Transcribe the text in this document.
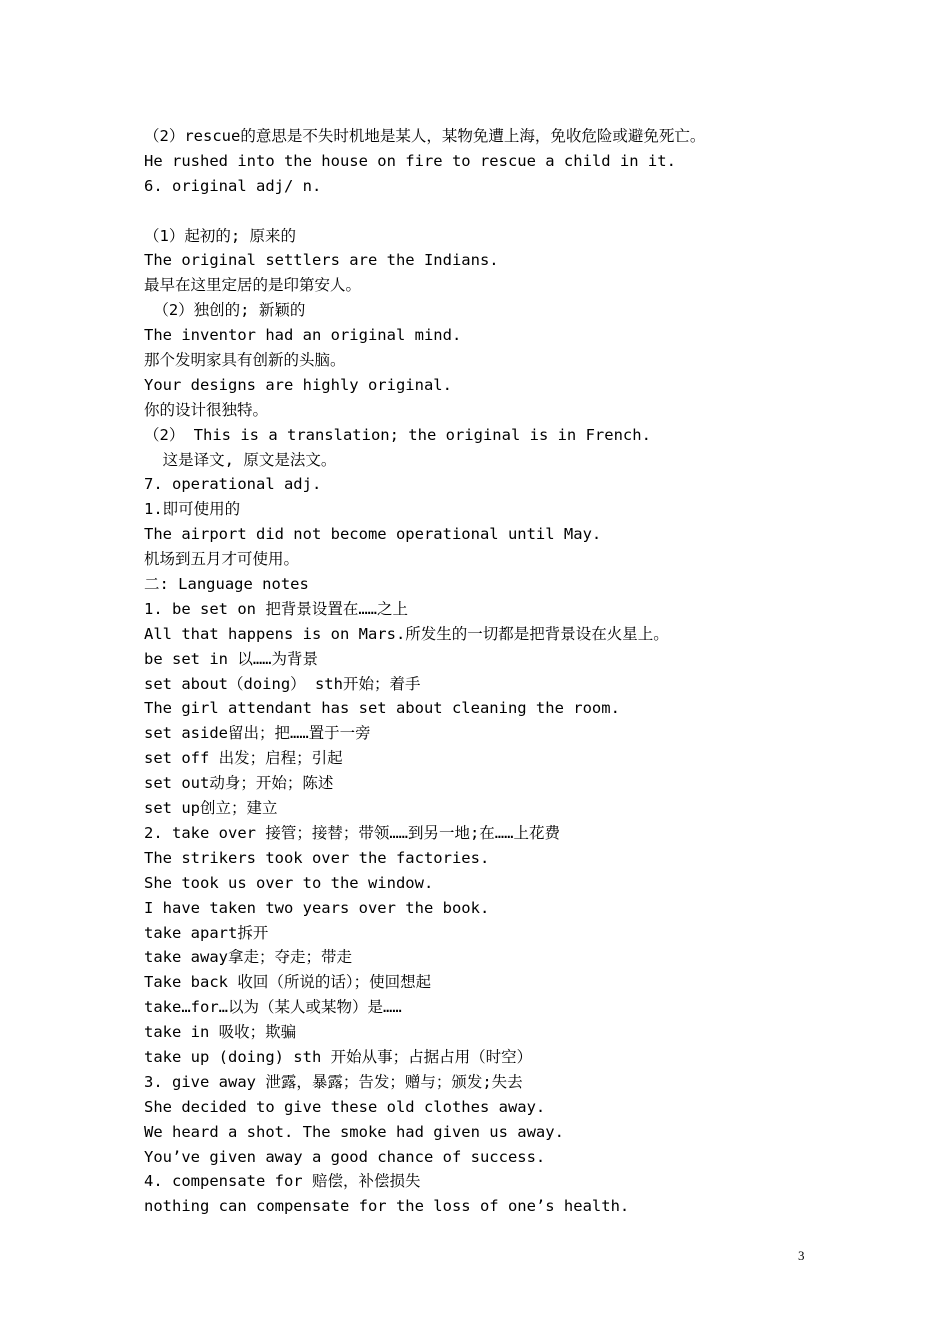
（2）rescue的意思是不失时机地是某人，某物免遭上海，免收危险或避免死亡。
He rushed into the house on fire to rescue a child in it.
6. original adj/ n.
（1）起初的; 原来的
The original settlers are the Indians.
最早在这里定居的是印第安人。
（2）独创的; 新颖的
The inventor had an original mind.
那个发明家具有创新的头脑。
Your designs are highly original.
你的设计很独特。
（2） This is a translation; the original is in French.
这是译文, 原文是法文。
7. operational adj.
1.即可使用的
The airport did not become operational until May.
机场到五月才可使用。
二: Language notes
1. be set on 把背景设置在……之上
All that happens is on Mars.所发生的一切都是把背景设在火星上。
be set in 以……为背景
set about（doing） sth开始；着手
The girl attendant has set about cleaning the room.
set aside留出；把……置于一旁
set off 出发；启程；引起
set out动身；开始；陈述
set up创立；建立
2. take over 接管；接替；带领……到另一地;在……上花费
The strikers took over the factories.
She took us over to the window.
I have taken two years over the book.
take apart拆开
take away拿走；夺走；带走
Take back 收回（所说的话）；使回想起
take…for…以为（某人或某物）是……
take in 吸收；欺骗
take up (doing) sth 开始从事；占据占用（时空）
3. give away 泄露，暴露；告发；赠与；颁发;失去
She decided to give these old clothes away.
We heard a shot. The smoke had given us away.
You’ve given away a good chance of success.
4. compensate for 赔偿，补偿损失
nothing can compensate for the loss of one’s health.
3
